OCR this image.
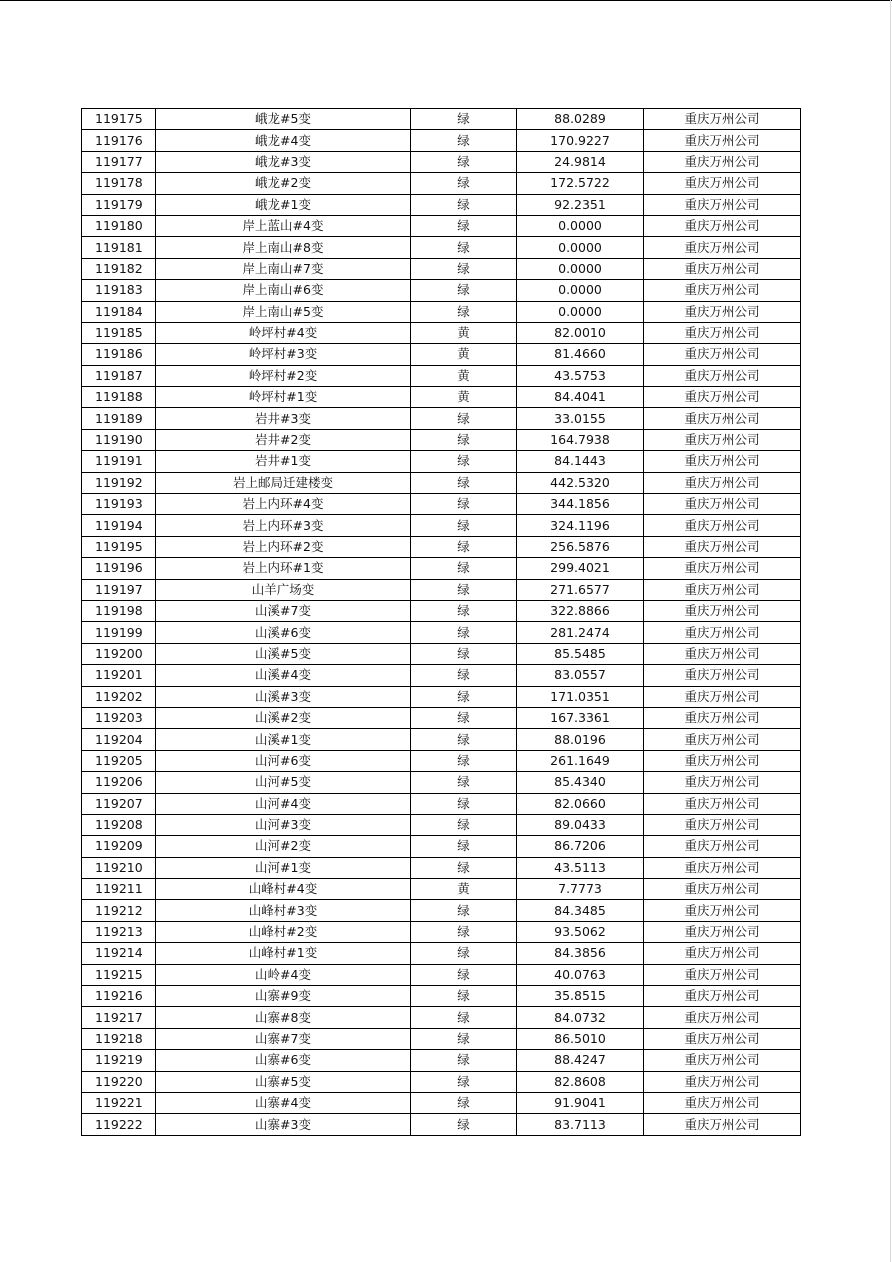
119175	峨龙#5变	绿	88.0289	重庆万州公司
119176	峨龙#4变	绿	170.9227	重庆万州公司
119177	峨龙#3变	绿	24.9814	重庆万州公司
119178	峨龙#2变	绿	172.5722	重庆万州公司
119179	峨龙#1变	绿	92.2351	重庆万州公司
119180	岸上蓝山#4变	绿	0.0000	重庆万州公司
119181	岸上南山#8变	绿	0.0000	重庆万州公司
119182	岸上南山#7变	绿	0.0000	重庆万州公司
119183	岸上南山#6变	绿	0.0000	重庆万州公司
119184	岸上南山#5变	绿	0.0000	重庆万州公司
119185	岭坪村#4变	黄	82.0010	重庆万州公司
119186	岭坪村#3变	黄	81.4660	重庆万州公司
119187	岭坪村#2变	黄	43.5753	重庆万州公司
119188	岭坪村#1变	黄	84.4041	重庆万州公司
119189	岩井#3变	绿	33.0155	重庆万州公司
119190	岩井#2变	绿	164.7938	重庆万州公司
119191	岩井#1变	绿	84.1443	重庆万州公司
119192	岩上邮局迁建楼变	绿	442.5320	重庆万州公司
119193	岩上内环#4变	绿	344.1856	重庆万州公司
119194	岩上内环#3变	绿	324.1196	重庆万州公司
119195	岩上内环#2变	绿	256.5876	重庆万州公司
119196	岩上内环#1变	绿	299.4021	重庆万州公司
119197	山羊广场变	绿	271.6577	重庆万州公司
119198	山溪#7变	绿	322.8866	重庆万州公司
119199	山溪#6变	绿	281.2474	重庆万州公司
119200	山溪#5变	绿	85.5485	重庆万州公司
119201	山溪#4变	绿	83.0557	重庆万州公司
119202	山溪#3变	绿	171.0351	重庆万州公司
119203	山溪#2变	绿	167.3361	重庆万州公司
119204	山溪#1变	绿	88.0196	重庆万州公司
119205	山河#6变	绿	261.1649	重庆万州公司
119206	山河#5变	绿	85.4340	重庆万州公司
119207	山河#4变	绿	82.0660	重庆万州公司
119208	山河#3变	绿	89.0433	重庆万州公司
119209	山河#2变	绿	86.7206	重庆万州公司
119210	山河#1变	绿	43.5113	重庆万州公司
119211	山峰村#4变	黄	7.7773	重庆万州公司
119212	山峰村#3变	绿	84.3485	重庆万州公司
119213	山峰村#2变	绿	93.5062	重庆万州公司
119214	山峰村#1变	绿	84.3856	重庆万州公司
119215	山岭#4变	绿	40.0763	重庆万州公司
119216	山寨#9变	绿	35.8515	重庆万州公司
119217	山寨#8变	绿	84.0732	重庆万州公司
119218	山寨#7变	绿	86.5010	重庆万州公司
119219	山寨#6变	绿	88.4247	重庆万州公司
119220	山寨#5变	绿	82.8608	重庆万州公司
119221	山寨#4变	绿	91.9041	重庆万州公司
119222	山寨#3变	绿	83.7113	重庆万州公司
